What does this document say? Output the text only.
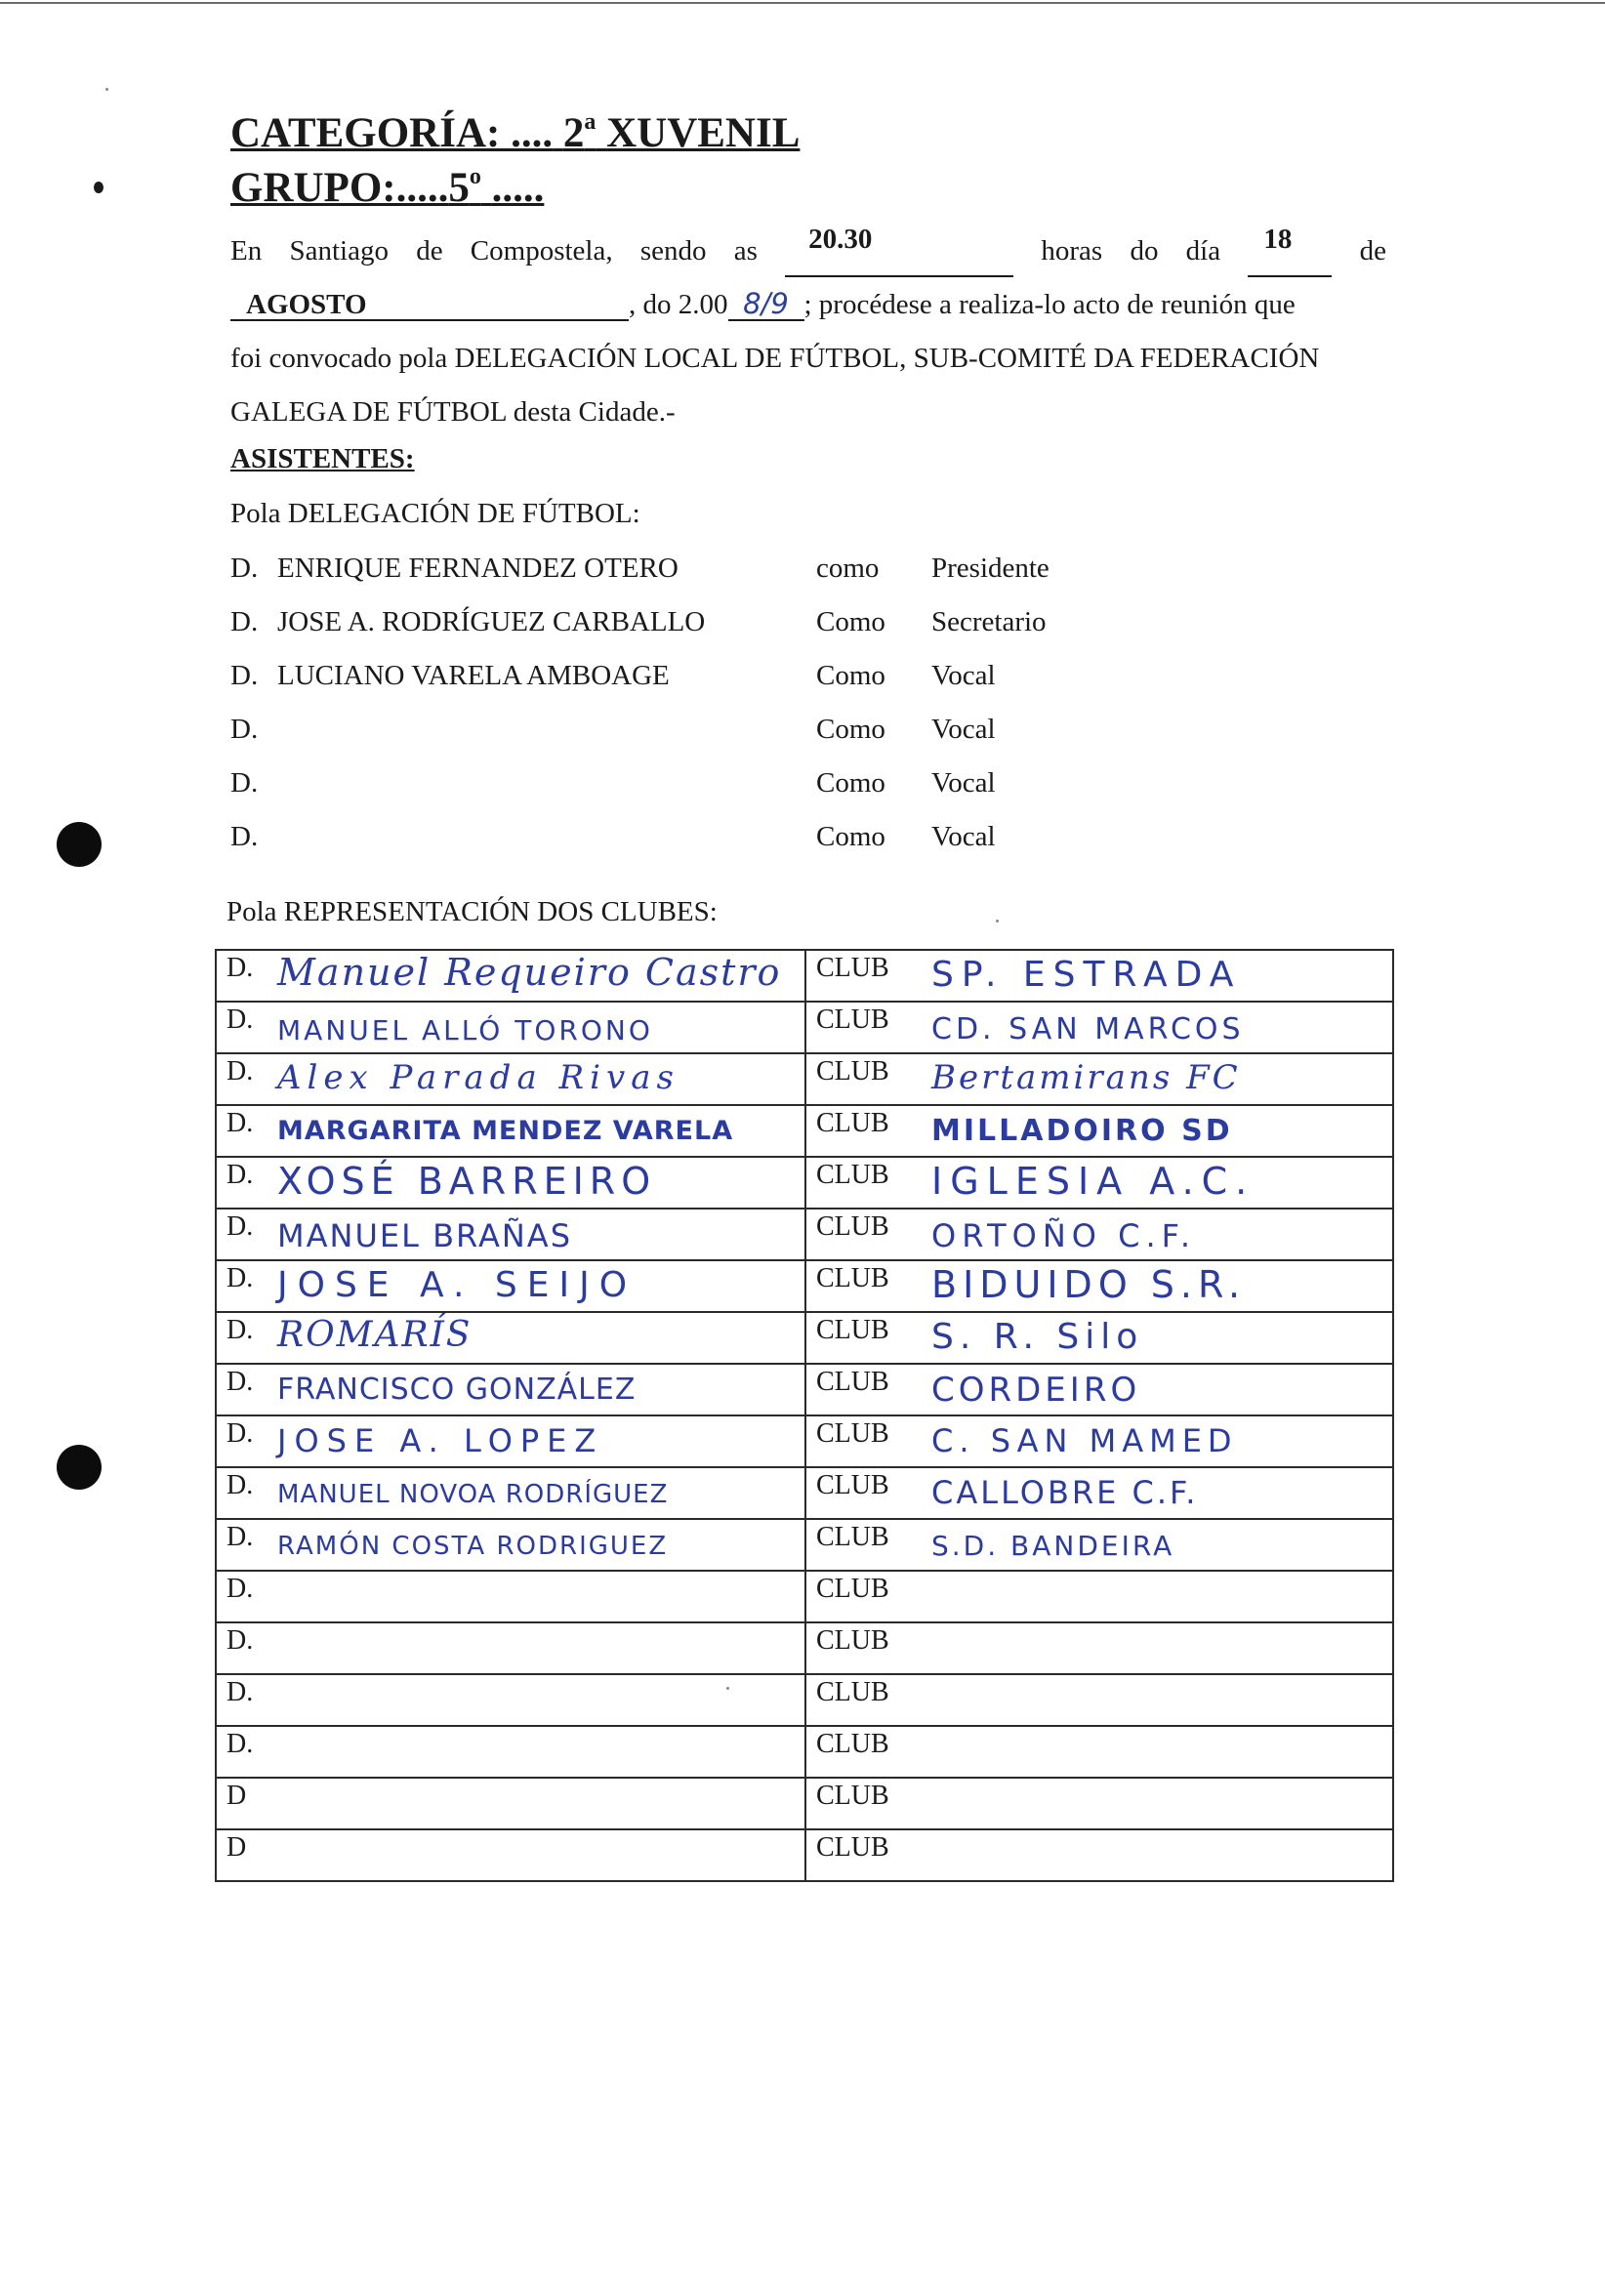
CATEGORÍA: .... 2$^a$ XUVENIL
GRUPO:.....5$^o$ .....
En Santiago de Compostela, sendo as	20.30	horas do día	18	de
AGOSTO	, do 2.00 8/9 ; procédese a realiza-lo acto de reunión que
foi convocado pola DELEGACIÓN LOCAL DE FÚTBOL, SUB-COMITÉ DA FEDERACIÓN
GALEGA DE FÚTBOL desta Cidade.-
ASISTENTES:
Pola DELEGACIÓN DE FÚTBOL:
D. ENRIQUE FERNANDEZ OTERO	como Presidente
D. JOSE A. RODRÍGUEZ CARBALLO	Como Secretario
D. LUCIANO VARELA AMBOAGE	Como Vocal
D.	Como Vocal
D.	Como Vocal
D.	Como Vocal
Pola REPRESENTACIÓN DOS CLUBES:
D. Manuel Requeiro Castro	CLUB SP. ESTRADA

D. MANUEL ALLÓ TORONO	CLUB CD. SAN MARCOS

D. Alex Parada Rivas	CLUB Bertamirans FC

D. MARGARITA MENDEZ VARELA	CLUB MILLADOIRO SD

D. XOSÉ BARREIRO	CLUB IGLESIA A.C.

D. MANUEL BRAÑAS	CLUB ORTOÑO C.F.

D. JOSE A. SEIJO	CLUB BIDUIDO S.R.

D. ROMARÍS	CLUB S. R. Silo

D. FRANCISCO GONZÁLEZ	CLUB CORDEIRO

D. JOSE A. LOPEZ	CLUB C. SAN MAMED

D. MANUEL NOVOA RODRÍGUEZ	CLUB CALLOBRE C.F.

D. RAMÓN COSTA RODRIGUEZ	CLUB S.D. BANDEIRA

D.	CLUB

D.	CLUB

D.	CLUB

D.	CLUB

D	CLUB

D	CLUB
